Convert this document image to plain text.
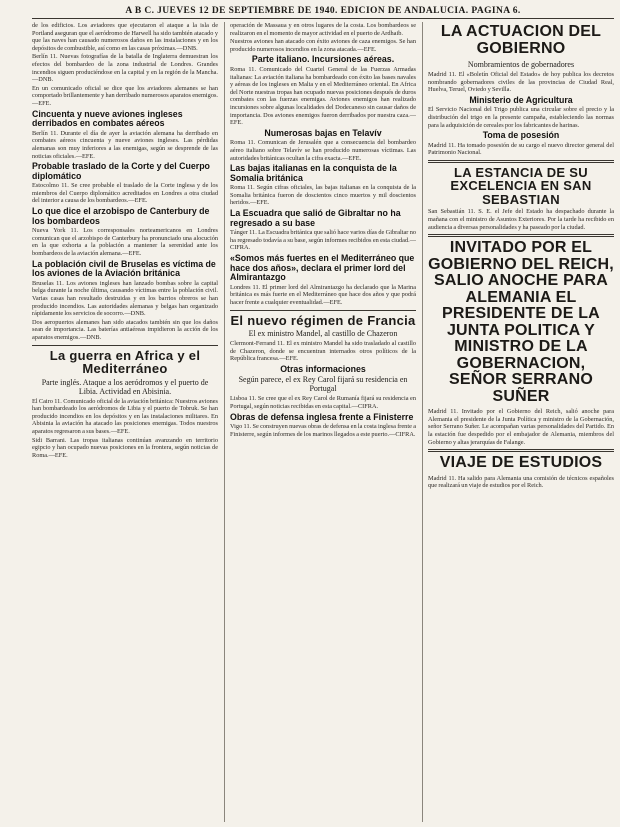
A B C. JUEVES 12 DE SEPTIEMBRE DE 1940. EDICION DE ANDALUCIA. PAGINA 6.

de los edificios. Los aviadores que ejecutaron el ataque a la isla de Portland aseguran que el aeródromo de Harwell ha sido también atacado y que las naves han causado numerosos daños en las instalaciones y en los depósitos de combustible, así como en las casas próximas.—DNB.

Berlín 11. Nuevas fotografías de la batalla de Inglaterra demuestran los efectos del bombardeo de la zona industrial de Londres. Grandes incendios siguen produciéndose en la capital y en la región de la Mancha.—DNB.

En un comunicado oficial se dice que los aviadores alemanes se han comportado brillantemente y han derribado numerosos aparatos enemigos.—EFE.

Cincuenta y nueve aviones ingleses derribados en combates aéreos

Berlín 11. Durante el día de ayer la aviación alemana ha derribado en combates aéreos cincuenta y nueve aviones ingleses. Las pérdidas alemanas son muy inferiores a las enemigas, según se desprende de las noticias oficiales.—EFE.

Probable traslado de la Corte y del Cuerpo diplomático

Estocolmo 11. Se cree probable el traslado de la Corte inglesa y de los miembros del Cuerpo diplomático acreditados en Londres a otra ciudad del interior a causa de los bombardeos.—EFE.

Lo que dice el arzobispo de Canterbury de los bombardeos

Nueva York 11. Los corresponsales norteamericanos en Londres comunican que el arzobispo de Canterbury ha pronunciado una alocución en la que exhorta a la población a mantener la serenidad ante los bombardeos de la aviación alemana.—EFE.

La población civil de Bruselas es víctima de los aviones de la Aviación británica

Bruselas 11. Los aviones ingleses han lanzado bombas sobre la capital belga durante la noche última, causando víctimas entre la población civil. Varias casas han resultado destruidas y en los barrios obreros se han producido incendios. Las autoridades alemanas y belgas han organizado rápidamente los servicios de socorro.—DNB.

Dos aeropuertos alemanes han sido atacados también sin que los daños sean de importancia. Las baterías antiaéreas impidieron la acción de los aparatos enemigos.—DNB.

La guerra en Africa y el Mediterráneo
Parte inglés. Ataque a los aeródromos y el puerto de Libia. Actividad en Abisinia.

El Cairo 11. Comunicado oficial de la aviación británica: Nuestros aviones han bombardeado los aeródromos de Libia y el puerto de Tobruk. Se han producido incendios en los depósitos y en las instalaciones militares. En Abisinia la aviación ha atacado las posiciones enemigas. Todos nuestros aparatos regresaron a sus bases.—EFE.

Sidi Barrani. Las tropas italianas continúan avanzando en territorio egipcio y han ocupado nuevas posiciones en la frontera, según noticias de Roma.—EFE.

operación de Massaua y en otros lugares de la costa. Los bombardeos se realizaron en el momento de mayor actividad en el puerto de Ardhaib.

Nuestros aviones han atacado con éxito aviones de caza enemigos. Se han producido numerosos incendios en la zona atacada.—EFE.

Parte italiano. Incursiones aéreas.

Roma 11. Comunicado del Cuartel General de las Fuerzas Armadas italianas: La aviación italiana ha bombardeado con éxito las bases navales y aéreas de los ingleses en Malta y en el Mediterráneo oriental. En Africa del Norte nuestras tropas han ocupado nuevas posiciones después de duros combates con las fuerzas enemigas. Aviones enemigos han realizado incursiones sobre algunas localidades del Dodecaneso sin causar daños de importancia. Dos aviones enemigos fueron derribados por nuestra caza.—EFE.

Numerosas bajas en Telavív

Roma 11. Comunican de Jerusalén que a consecuencia del bombardeo aéreo italiano sobre Telavív se han producido numerosas víctimas. Las autoridades británicas ocultan la cifra exacta.—EFE.

Las bajas italianas en la conquista de la Somalia británica

Roma 11. Según cifras oficiales, las bajas italianas en la conquista de la Somalia británica fueron de doscientos cinco muertos y mil doscientos heridos.—EFE.

La Escuadra que salió de Gibraltar no ha regresado a su base

Tánger 11. La Escuadra británica que salió hace varios días de Gibraltar no ha regresado todavía a su base, según informes recibidos en esta ciudad.—CIFRA.

«Somos más fuertes en el Mediterráneo que hace dos años», declara el primer lord del Almirantazgo

Londres 11. El primer lord del Almirantazgo ha declarado que la Marina británica es más fuerte en el Mediterráneo que hace dos años y que podrá hacer frente a cualquier eventualidad.—EFE.

El nuevo régimen de Francia
El ex ministro Mandel, al castillo de Chazeron

Clermont-Ferrand 11. El ex ministro Mandel ha sido trasladado al castillo de Chazeron, donde se encuentran internados otros políticos de la República francesa.—EFE.

Otras informaciones
Según parece, el ex Rey Carol fijará su residencia en Portugal

Lisboa 11. Se cree que el ex Rey Carol de Rumanía fijará su residencia en Portugal, según noticias recibidas en esta capital.—CIFRA.

Obras de defensa inglesa frente a Finisterre

Vigo 11. Se construyen nuevas obras de defensa en la costa inglesa frente a Finisterre, según informes de los marinos llegados a este puerto.—CIFRA.

LA ACTUACION DEL GOBIERNO
Nombramientos de gobernadores

Madrid 11. El «Boletín Oficial del Estado» de hoy publica los decretos nombrando gobernadores civiles de las provincias de Ciudad Real, Huelva, Teruel, Oviedo y Sevilla.

Ministerio de Agricultura

El Servicio Nacional del Trigo publica una circular sobre el precio y la distribución del trigo en la presente campaña, estableciendo las normas para la adquisición de cereales por los fabricantes de harinas.

Toma de posesión

Madrid 11. Ha tomado posesión de su cargo el nuevo director general del Patrimonio Nacional.

LA ESTANCIA DE SU EXCELENCIA EN SAN SEBASTIAN

San Sebastián 11. S. E. el Jefe del Estado ha despachado durante la mañana con el ministro de Asuntos Exteriores. Por la tarde ha recibido en audiencia a diversas personalidades y ha paseado por la ciudad.

INVITADO POR EL GOBIERNO DEL REICH, SALIO ANOCHE PARA ALEMANIA EL PRESIDENTE DE LA JUNTA POLITICA Y MINISTRO DE LA GOBERNACION, SEÑOR SERRANO SUÑER

Madrid 11. Invitado por el Gobierno del Reich, salió anoche para Alemania el presidente de la Junta Política y ministro de la Gobernación, señor Serrano Suñer. Le acompañan varias personalidades del Partido. En la estación fue despedido por el embajador de Alemania, miembros del Gobierno y altas jerarquías de Falange.

VIAJE DE ESTUDIOS

Madrid 11. Ha salido para Alemania una comisión de técnicos españoles que realizará un viaje de estudios por el Reich.
